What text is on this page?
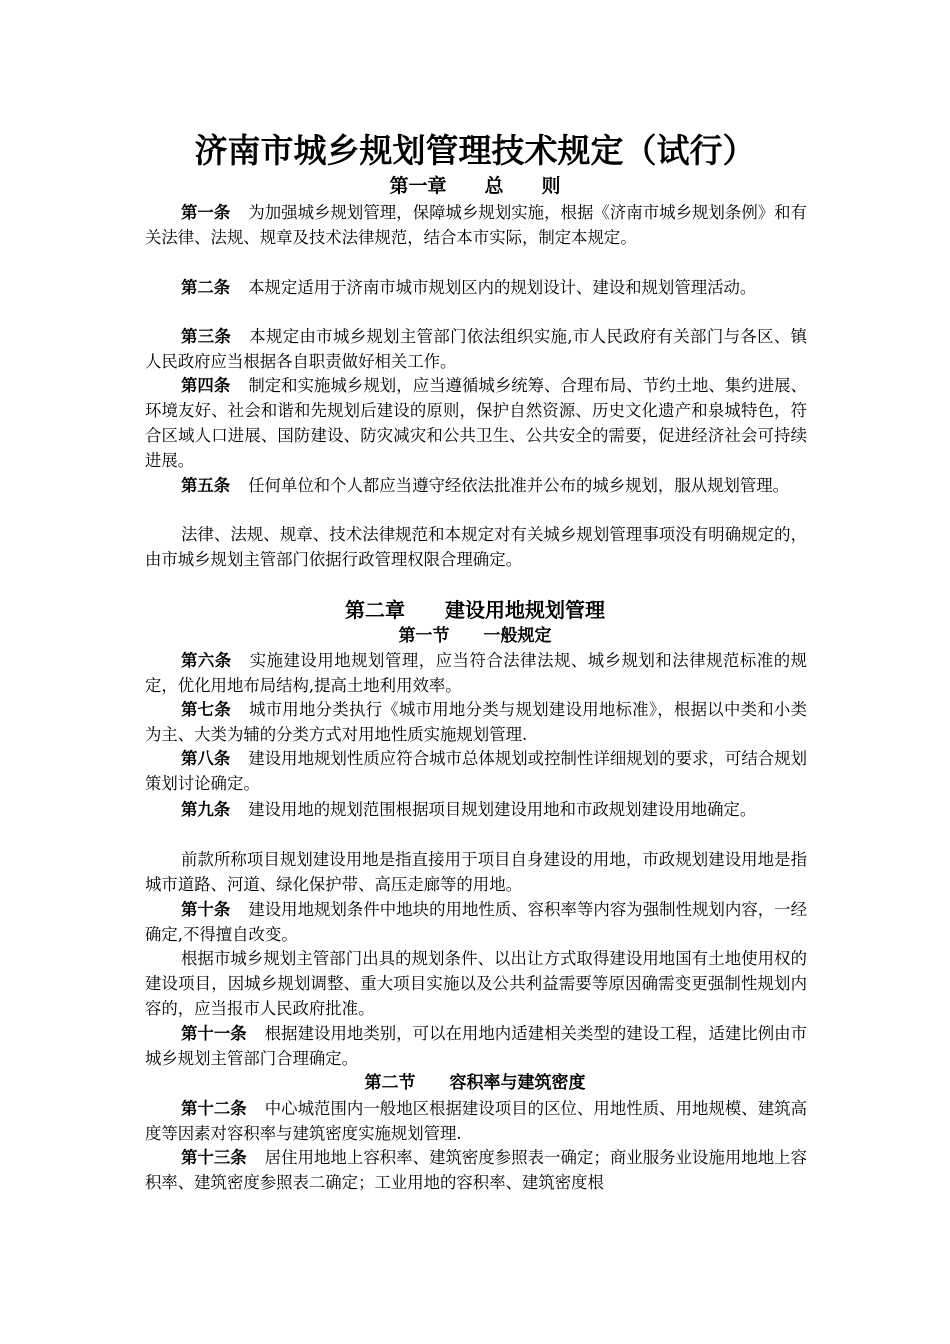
济南市城乡规划管理技术规定（试行）
第一章　　总　　则

第一条 为加强城乡规划管理，保障城乡规划实施，根据《济南市城乡规划条例》和有关法律、法规、规章及技术法律规范，结合本市实际，制定本规定。

第二条 本规定适用于济南市城市规划区内的规划设计、建设和规划管理活动。

第三条 本规定由市城乡规划主管部门依法组织实施,市人民政府有关部门与各区、镇人民政府应当根据各自职责做好相关工作。

第四条 制定和实施城乡规划，应当遵循城乡统筹、合理布局、节约土地、集约进展、环境友好、社会和谐和先规划后建设的原则，保护自然资源、历史文化遗产和泉城特色，符合区域人口进展、国防建设、防灾减灾和公共卫生、公共安全的需要，促进经济社会可持续进展。

第五条 任何单位和个人都应当遵守经依法批准并公布的城乡规划，服从规划管理。

法律、法规、规章、技术法律规范和本规定对有关城乡规划管理事项没有明确规定的，由市城乡规划主管部门依据行政管理权限合理确定。

第二章　　建设用地规划管理
第一节　　一般规定

第六条 实施建设用地规划管理，应当符合法律法规、城乡规划和法律规范标准的规定，优化用地布局结构,提高土地利用效率。

第七条 城市用地分类执行《城市用地分类与规划建设用地标准》，根据以中类和小类为主、大类为辅的分类方式对用地性质实施规划管理.

第八条 建设用地规划性质应符合城市总体规划或控制性详细规划的要求，可结合规划策划讨论确定。

第九条 建设用地的规划范围根据项目规划建设用地和市政规划建设用地确定。

前款所称项目规划建设用地是指直接用于项目自身建设的用地，市政规划建设用地是指城市道路、河道、绿化保护带、高压走廊等的用地。

第十条 建设用地规划条件中地块的用地性质、容积率等内容为强制性规划内容，一经确定,不得擅自改变。

根据市城乡规划主管部门出具的规划条件、以出让方式取得建设用地国有土地使用权的建设项目，因城乡规划调整、重大项目实施以及公共利益需要等原因确需变更强制性规划内容的，应当报市人民政府批准。

第十一条 根据建设用地类别，可以在用地内适建相关类型的建设工程，适建比例由市城乡规划主管部门合理确定。

第二节　　容积率与建筑密度

第十二条 中心城范围内一般地区根据建设项目的区位、用地性质、用地规模、建筑高度等因素对容积率与建筑密度实施规划管理.

第十三条 居住用地地上容积率、建筑密度参照表一确定；商业服务业设施用地地上容积率、建筑密度参照表二确定；工业用地的容积率、建筑密度根
